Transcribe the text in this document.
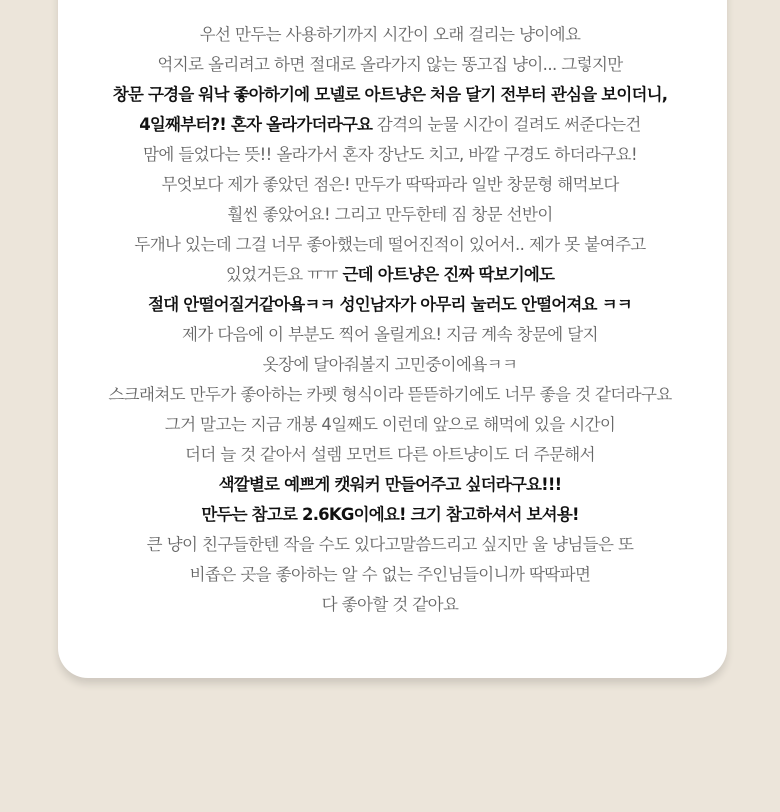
우선 만두는 사용하기까지 시간이 오래 걸리는 냥이에요
억지로 올리려고 하면 절대로 올라가지 않는 똥고집 냥이... 그렇지만
창문 구경을 워낙 좋아하기에 모넬로 아트냥은 처음 달기 전부터 관심을 보이더니,
4일째부터?! 혼자 올라가더라구요 감격의 눈물 시간이 걸려도 써준다는건
맘에 들었다는 뜻!! 올라가서 혼자 장난도 치고, 바깥 구경도 하더라구요!
무엇보다 제가 좋았던 점은! 만두가 딱딱파라 일반 창문형 해먹보다
훨씬 좋았어요! 그리고 만두한테 짐 창문 선반이
두개나 있는데 그걸 너무 좋아했는데 떨어진적이 있어서.. 제가 못 붙여주고
있었거든요 ㅠㅠ 근데 아트냥은 진짜 딱보기에도
절대 안떨어질거같아욬ㅋㅋ 성인남자가 아무리 눌러도 안떨어져요 ㅋㅋ
제가 다음에 이 부분도 찍어 올릴게요! 지금 계속 창문에 달지
옷장에 달아줘볼지 고민중이에욬ㅋㅋ
스크래쳐도 만두가 좋아하는 카펫 형식이라 뜯뜯하기에도 너무 좋을 것 같더라구요
그거 말고는 지금 개봉 4일째도 이런데 앞으로 해먹에 있을 시간이
더더 늘 것 같아서 설렘 모먼트 다른 아트냥이도 더 주문해서
색깔별로 예쁘게 캣워커 만들어주고 싶더라구요!!!
만두는 참고로 2.6KG이에요! 크기 참고하셔서 보셔용!
큰 냥이 친구들한텐 작을 수도 있다고말씀드리고 싶지만 울 냥님들은 또
비좁은 곳을 좋아하는 알 수 없는 주인님들이니까 딱딱파면
다 좋아할 것 같아요
